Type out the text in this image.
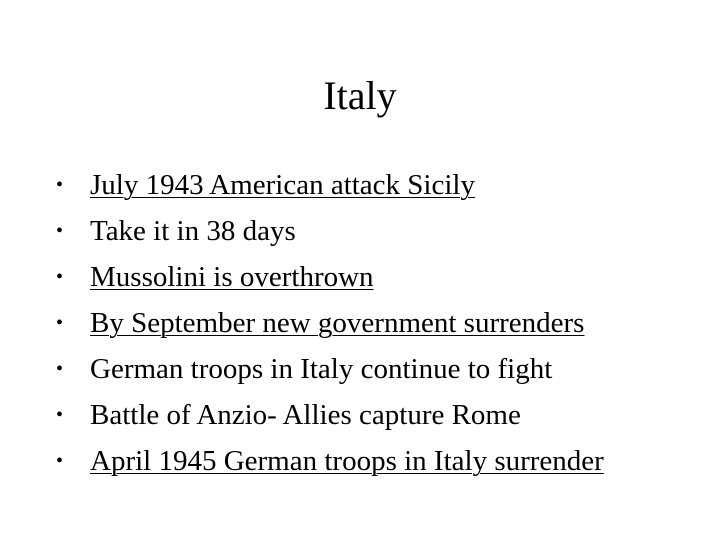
Italy
• July 1943 American attack Sicily
• Take it in 38 days
• Mussolini is overthrown
• By September new government surrenders
• German troops in Italy continue to fight
• Battle of Anzio- Allies capture Rome
• April 1945 German troops in Italy surrender
